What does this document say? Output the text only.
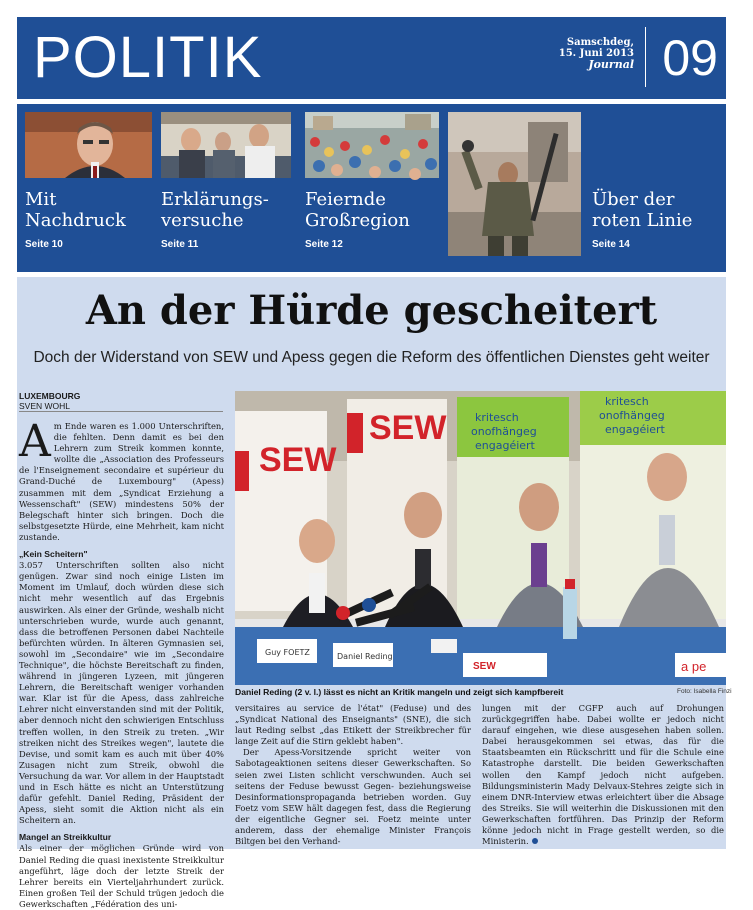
POLITIK	Samschdeg,
15. Juni 2013
Journal 09
Mit
Nachdruck
Seite 10
Erklärungs-
versuche
Seite 11
Feiernde
Großregion
Seite 12
Über der
roten Linie
Seite 14
An der Hürde gescheitert
Doch der Widerstand von SEW und Apess gegen die Reform des öffentlichen Dienstes geht weiter
LUXEMBOURG
SVEN WOHL

Am Ende waren es 1.000 Unterschriften, die fehlten. Denn damit es bei den Lehrern zum Streik kommen konnte, wollte die „Association des Professeurs de l'Enseignement secondaire et supérieur du Grand-Duché de Luxembourg" (Apess) zusammen mit dem „Syndicat Erziehung a Wessenschaft" (SEW) mindestens 50% der Belegschaft hinter sich bringen. Doch die selbstgesetzte Hürde, eine Mehrheit, kam nicht zustande.

„Kein Scheitern"

3.057 Unterschriften sollten also nicht genügen. Zwar sind noch einige Listen im Moment im Umlauf, doch würden diese sich nicht mehr wesentlich auf das Ergebnis auswirken. Als einer der Gründe, weshalb nicht unterschrieben wurde, wurde auch genannt, dass die betroffenen Personen dabei Nachteile befürchten würden. In älteren Gymnasien sei, sowohl im „Secondaire" wie im „Secondaire Technique", die höchste Bereitschaft zu finden, während in jüngeren Lyzeen, mit jüngeren Lehrern, die Bereitschaft weniger vorhanden war. Klar ist für die Apess, dass zahlreiche Lehrer nicht einverstanden sind mit der Politik, aber dennoch nicht den schwierigen Entschluss treffen wollen, in den Streik zu treten. „Wir streiken nicht des Streikes wegen", lautete die Devise, und somit kam es auch mit über 40% Zusagen nicht zum Streik, obwohl die Versuchung da war. Vor allem in der Hauptstadt und in Esch hätte es nicht an Unterstützung dafür gefehlt. Daniel Reding, Präsident der Apess, sieht somit die Aktion nicht als ein Scheitern an.

Mangel an Streikkultur

Als einer der möglichen Gründe wird von Daniel Reding die quasi inexistente Streikkultur angeführt, läge doch der letzte Streik der Lehrer bereits ein Vierteljahrhundert zurück. Einen großen Teil der Schuld trügen jedoch die Gewerkschaften „Fédération des uni-

SEW
SEW	kritesch
onofhängeg
engagéiert
kritesch
onofhängeg
engagéiert
Guy FOETZ	Daniel Reding
SEW	a pe
Daniel Reding (2 v. l.) lässt es nicht an Kritik mangeln und zeigt sich kampfbereit	Foto: Isabella Finzi

versitaires au service de l'état" (Feduse) und des „Syndicat National des Enseignants" (SNE), die sich laut Reding selbst „das Etikett der Streikbrecher für lange Zeit auf die Stirn geklebt haben".

Der Apess-Vorsitzende spricht weiter von Sabotageaktionen seitens dieser Gewerkschaften. So seien zwei Listen schlicht verschwunden. Auch sei seitens der Feduse bewusst Gegen- beziehungsweise Desinformationspropaganda betrieben worden. Guy Foetz vom SEW hält dagegen fest, dass die Regierung der eigentliche Gegner sei. Foetz meinte unter anderem, dass der ehemalige Minister François Biltgen bei den Verhand-

lungen mit der CGFP auch auf Drohungen zurückgegriffen habe. Dabei wollte er jedoch nicht darauf eingehen, wie diese ausgesehen haben sollen. Dabei herausgekommen sei etwas, das für die Staatsbeamten ein Rückschritt und für die Schule eine Katastrophe darstellt. Die beiden Gewerkschaften wollen den Kampf jedoch nicht aufgeben. Bildungsministerin Mady Delvaux-Stehres zeigte sich in einem DNR-Interview etwas erleichtert über die Absage des Streiks. Sie will weiterhin die Diskussionen mit den Gewerkschaften fortführen. Das Prinzip der Reform könne jedoch nicht in Frage gestellt werden, so die Ministerin.
